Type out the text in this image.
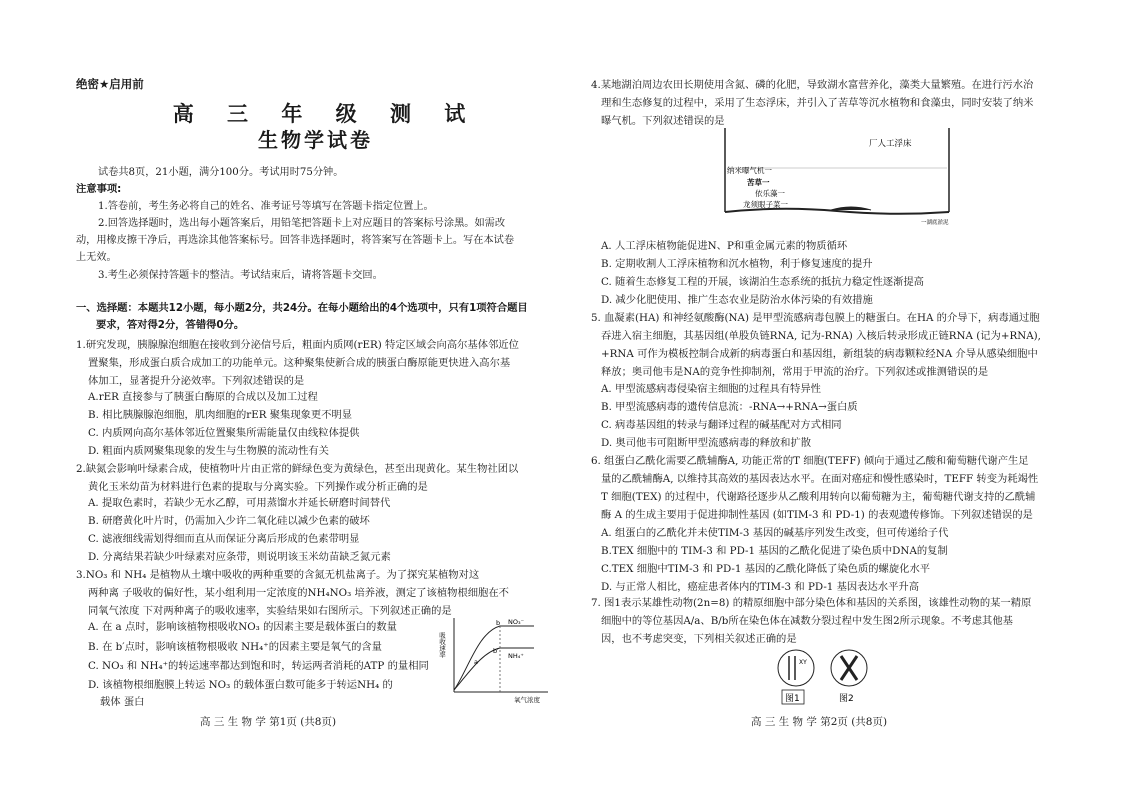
绝密★启用前
高 三 年 级 测 试
生物学试卷
试卷共8页，21小题，满分100分。考试用时75分钟。
注意事项:
1.答卷前，考生务必将自己的姓名、准考证号等填写在答题卡指定位置上。
2.回答选择题时，选出每小题答案后，用铅笔把答题卡上对应题目的答案标号涂黑。如需改
动，用橡皮擦干净后，再选涂其他答案标号。回答非选择题时，将答案写在答题卡上。写在本试卷
上无效。
3.考生必须保持答题卡的整洁。考试结束后，请将答题卡交回。
一、选择题：本题共12小题，每小题2分，共24分。在每小题给出的4个选项中，只有1项符合题目
要求，答对得2分，答错得0分。
1.研究发现，胰腺腺泡细胞在接收到分泌信号后，粗面内质网(rER) 特定区域会向高尔基体邻近位
置聚集，形成蛋白质合成加工的功能单元。这种聚集使新合成的胰蛋白酶原能更快进入高尔基
体加工，显著提升分泌效率。下列叙述错误的是
A.rER 直接参与了胰蛋白酶原的合成以及加工过程
B. 相比胰腺腺泡细胞，肌肉细胞的rER 聚集现象更不明显
C. 内质网向高尔基体邻近位置聚集所需能量仅由线粒体提供
D. 粗面内质网聚集现象的发生与生物膜的流动性有关
2.缺氮会影响叶绿素合成，使植物叶片由正常的鲜绿色变为黄绿色，甚至出现黄化。某生物社团以
黄化玉米幼苗为材料进行色素的提取与分离实验。下列操作或分析正确的是
A. 提取色素时，若缺少无水乙醇，可用蒸馏水并延长研磨时间替代
B. 研磨黄化叶片时，仍需加入少许二氧化硅以减少色素的破坏
C. 滤液细线需划得细而直从而保证分离后形成的色素带明显
D. 分离结果若缺少叶绿素对应条带，则说明该玉米幼苗缺乏氮元素
3.NO₃ 和 NH₄ 是植物从土壤中吸收的两种重要的含氮无机盐离子。为了探究某植物对这
两种离 子吸收的偏好性，某小组利用一定浓度的NH₄NO₃ 培养液，测定了该植物根细胞在不
同氧气浓度 下对两种离子的吸收速率，实验结果如右图所示。下列叙述正确的是
A. 在 a 点时，影响该植物根吸收NO₃ 的因素主要是载体蛋白的数量
B. 在 b′点时，影响该植物根吸收 NH₄⁺的因素主要是氧气的含量
C. NO₃ 和 NH₄⁺的转运速率都达到饱和时，转运两者消耗的ATP 的量相同
D. 该植物根细胞膜上转运 NO₃ 的载体蛋白数可能多于转运NH₄ 的
载体 蛋白
b
b′
a
NO₃⁻
NH₄⁺
吸收速率
氧气浓度
高 三 生 物 学 第1页 (共8页)
4.某地湖泊周边农田长期使用含氮、磷的化肥，导致湖水富营养化，藻类大量繁殖。在进行污水治
理和生态修复的过程中，采用了生态浮床，并引入了苦草等沉水植物和食藻虫，同时安装了纳米
曝气机。下列叙述错误的是
厂人工浮床
纳米曝气机一
苦草一
依乐藻一
龙须眼子菜一
一湖底淤泥
A. 人工浮床植物能促进N、P和重金属元素的物质循环
B. 定期收割人工浮床植物和沉水植物，利于修复速度的提升
C. 随着生态修复工程的开展，该湖泊生态系统的抵抗力稳定性逐渐提高
D. 减少化肥使用、推广生态农业是防治水体污染的有效措施
5. 血凝素(HA) 和神经氨酸酶(NA) 是甲型流感病毒包膜上的糖蛋白。在HA 的介导下，病毒通过胞
吞进入宿主细胞，其基因组(单股负链RNA, 记为-RNA) 入核后转录形成正链RNA (记为+RNA),
+RNA 可作为模板控制合成新的病毒蛋白和基因组，新组装的病毒颗粒经NA 介导从感染细胞中
释放；奥司他韦是NA的竞争性抑制剂，常用于甲流的治疗。下列叙述或推测错误的是
A. 甲型流感病毒侵染宿主细胞的过程具有特异性
B. 甲型流感病毒的遗传信息流：-RNA→+RNA→蛋白质
C. 病毒基因组的转录与翻译过程的碱基配对方式相同
D. 奥司他韦可阻断甲型流感病毒的释放和扩散
6. 组蛋白乙酰化需要乙酰辅酶A, 功能正常的T 细胞(TEFF) 倾向于通过乙酸和葡萄糖代谢产生足
量的乙酰辅酶A, 以维持其高效的基因表达水平。在面对癌症和慢性感染时，TEFF 转变为耗竭性
T 细胞(TEX) 的过程中，代谢路径逐步从乙酸利用转向以葡萄糖为主，葡萄糖代谢支持的乙酰辅
酶 A 的生成主要用于促进抑制性基因 (如TIM-3 和 PD-1) 的表观遗传修饰。下列叙述错误的是
A. 组蛋白的乙酰化并未使TIM-3 基因的碱基序列发生改变，但可传递给子代
B.TEX 细胞中的 TIM-3 和 PD-1 基因的乙酰化促进了染色质中DNA的复制
C.TEX 细胞中TIM-3 和 PD-1 基因的乙酰化降低了染色质的螺旋化水平
D. 与正常人相比，癌症患者体内的TIM-3 和 PD-1 基因表达水平升高
7. 图1表示某雄性动物(2n=8) 的精原细胞中部分染色体和基因的关系图，该雄性动物的某一精原
细胞中的等位基因A/a、B/b所在染色体在减数分裂过程中发生图2所示现象。不考虑其他基
因，也不考虑突变，下列相关叙述正确的是
XY
图1	图2
高 三 生 物 学 第2页 (共8页)
